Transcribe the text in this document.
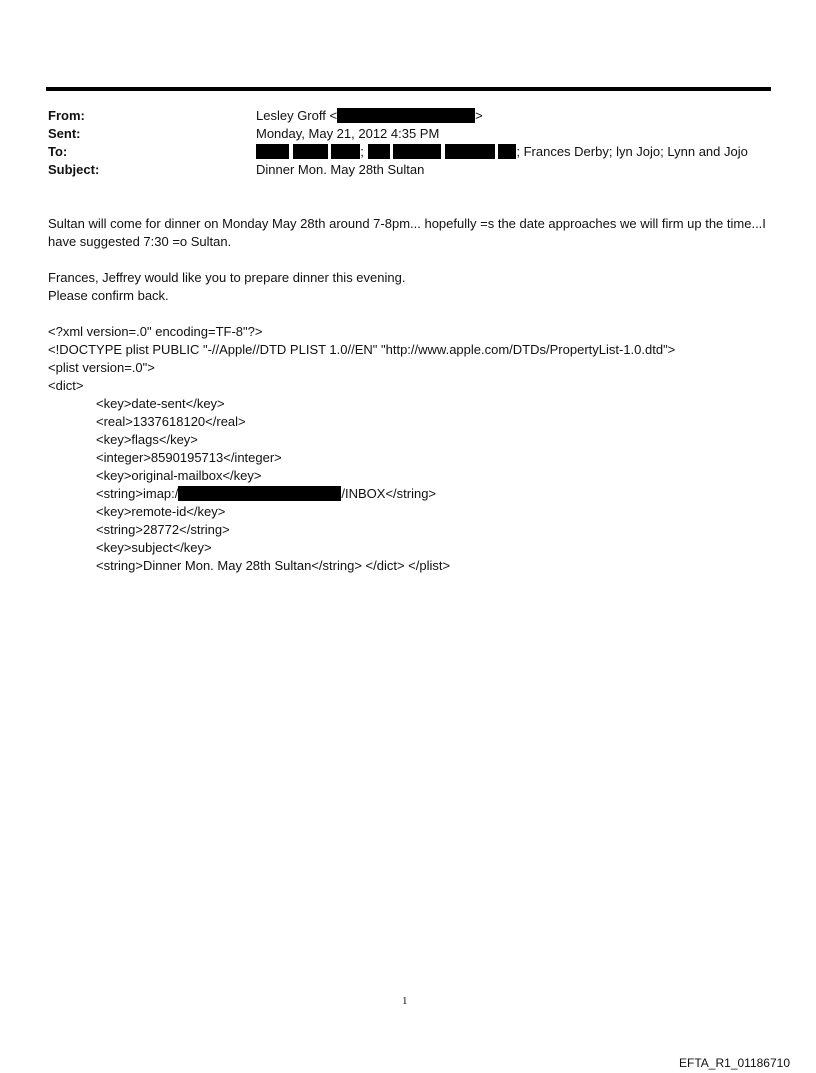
From:	Lesley Groff <	>
Sent:	Monday, May 21, 2012 4:35 PM
To:	;	; Frances Derby; lyn Jojo; Lynn and Jojo
Subject:	Dinner Mon. May 28th Sultan

Sultan will come for dinner on Monday May 28th around 7-8pm... hopefully =s the date approaches we will firm up the time...I have suggested 7:30 =o Sultan.

Frances, Jeffrey would like you to prepare dinner this evening.
Please confirm back.
<?xml version=.0" encoding=TF-8"?>
<!DOCTYPE plist PUBLIC "-//Apple//DTD PLIST 1.0//EN" "http://www.apple.com/DTDs/PropertyList-1.0.dtd">
<plist version=.0">
<dict>
<key>date-sent</key>
<real>1337618120</real>
<key>flags</key>
<integer>8590195713</integer>
<key>original-mailbox</key>
<string>imap:/	/INBOX</string>
<key>remote-id</key>
<string>28772</string>
<key>subject</key>
<string>Dinner Mon. May 28th Sultan</string> </dict> </plist>
1
EFTA_R1_01186710
